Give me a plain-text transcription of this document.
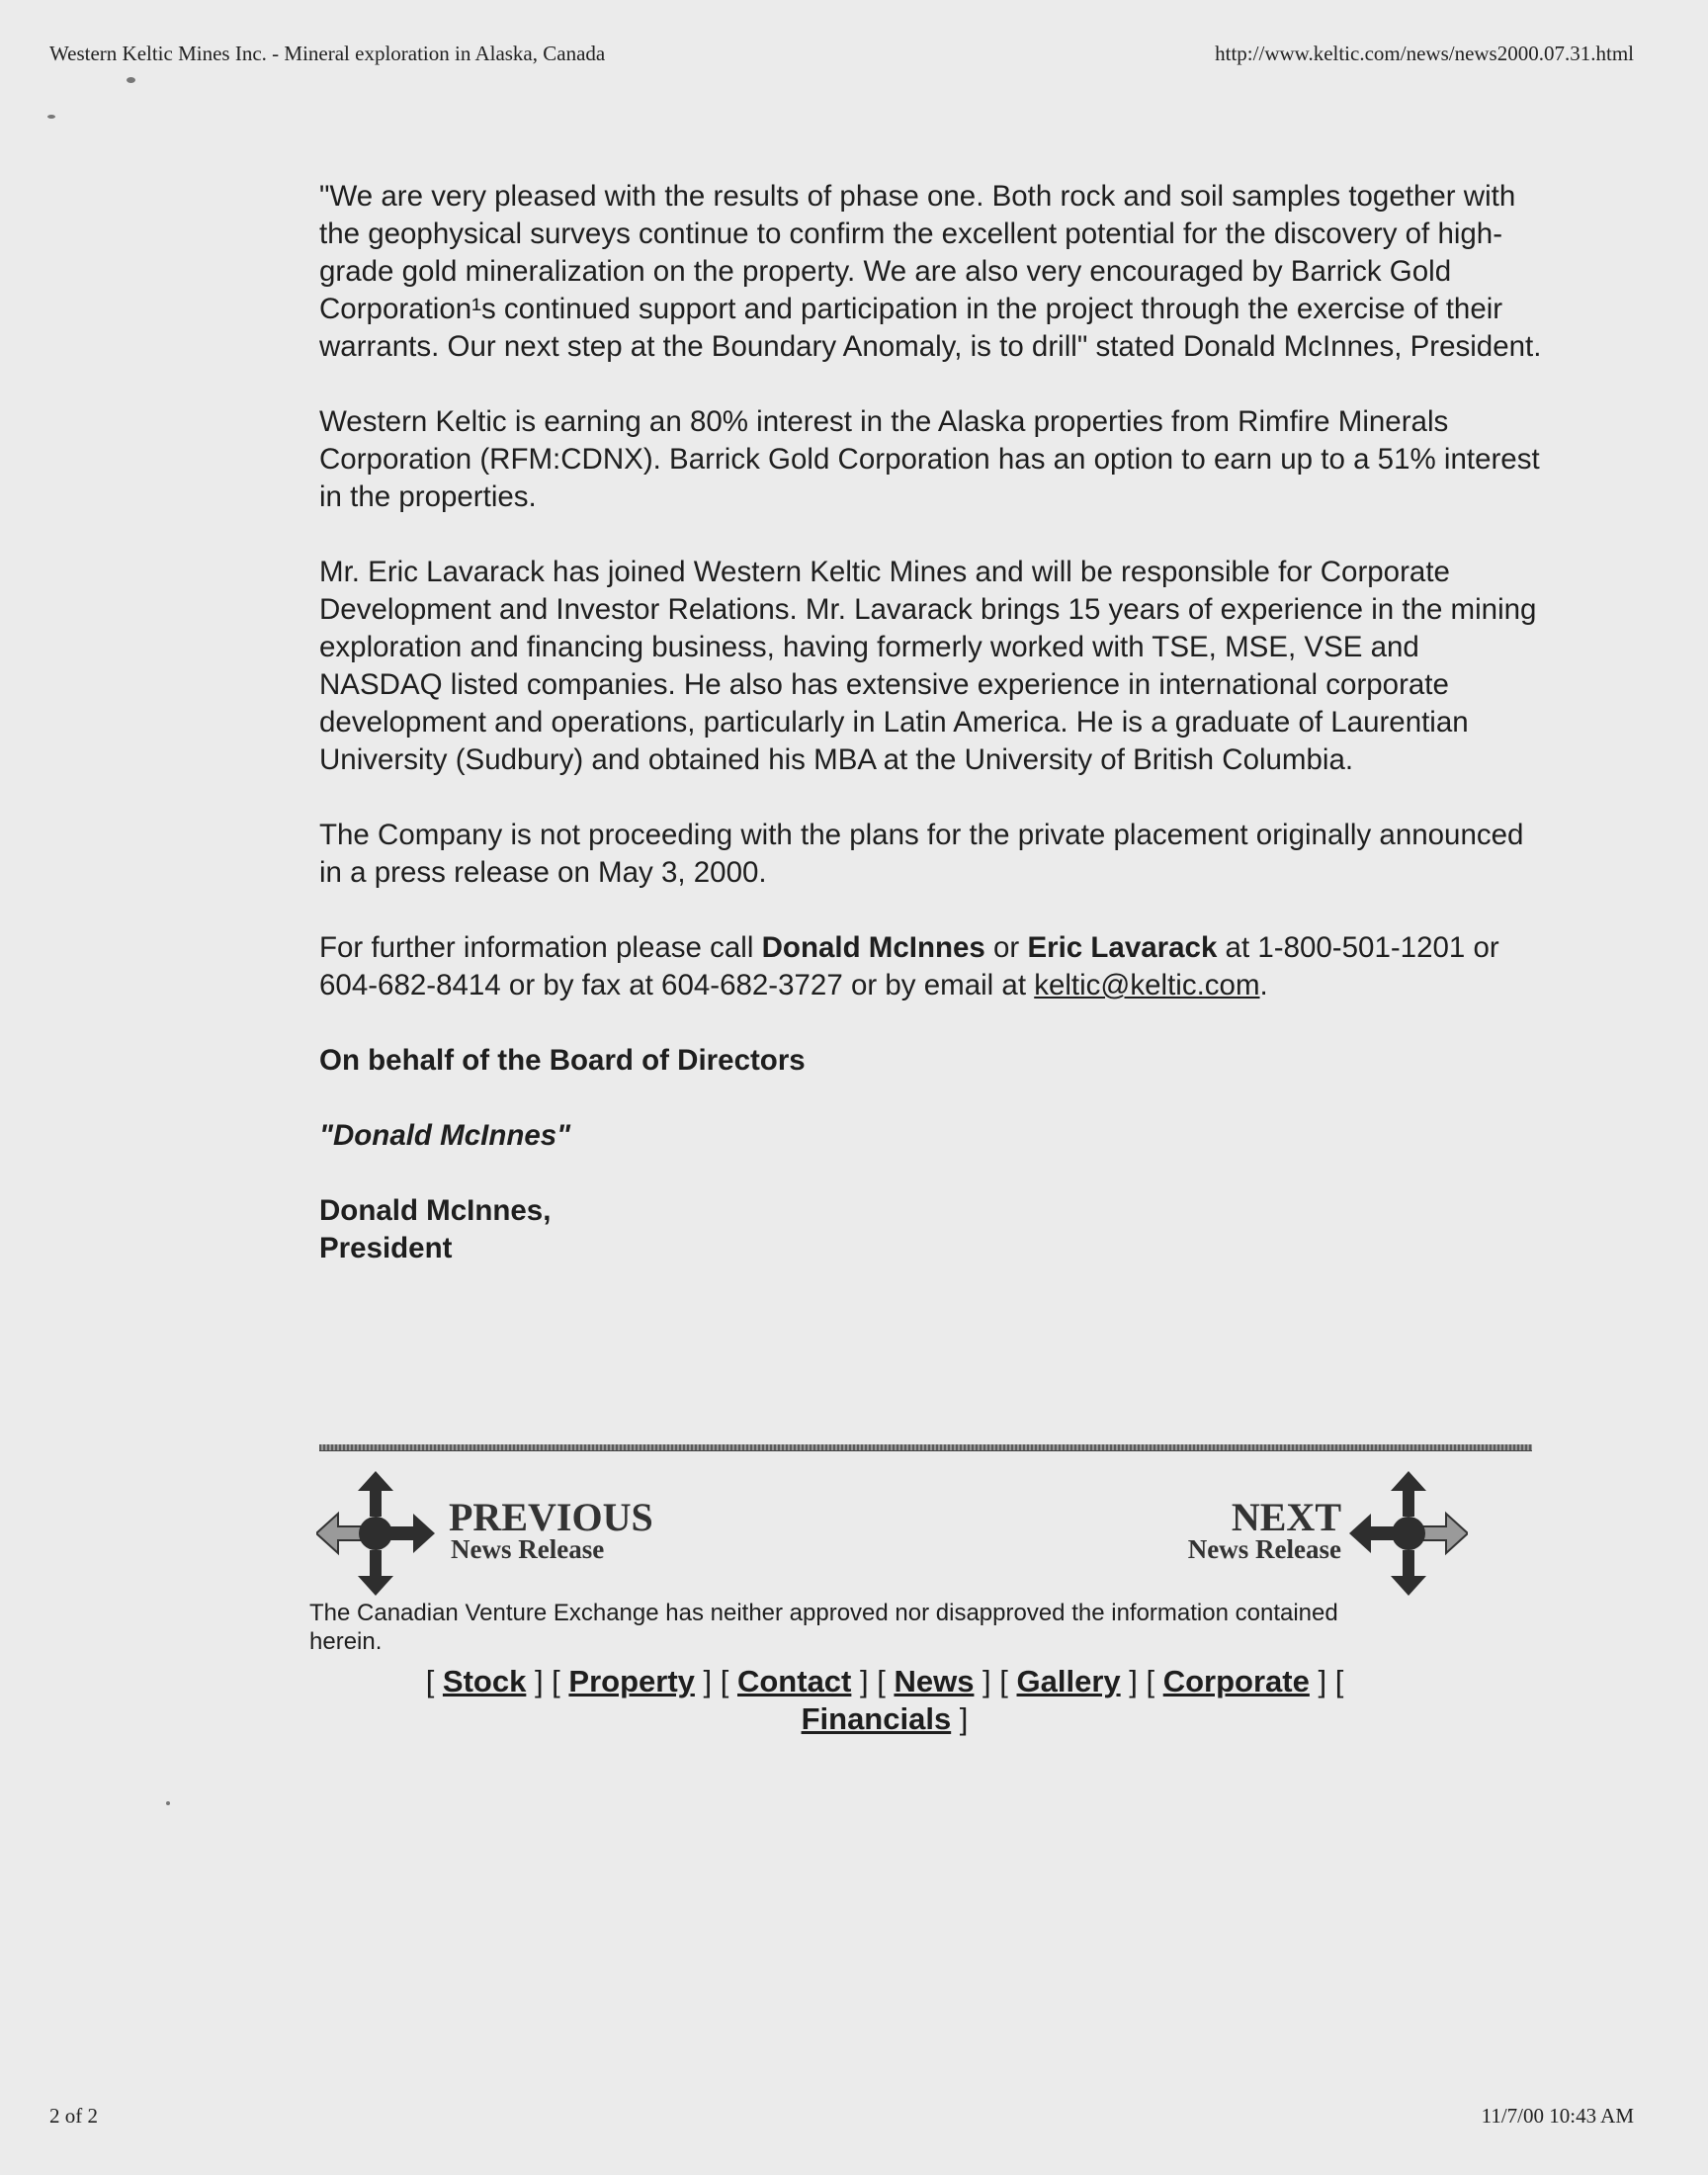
Western Keltic Mines Inc. - Mineral exploration in Alaska, Canada	http://www.keltic.com/news/news2000.07.31.html

"We are very pleased with the results of phase one. Both rock and soil samples together with the geophysical surveys continue to confirm the excellent potential for the discovery of high-grade gold mineralization on the property. We are also very encouraged by Barrick Gold Corporation¹s continued support and participation in the project through the exercise of their warrants. Our next step at the Boundary Anomaly, is to drill" stated Donald McInnes, President.

Western Keltic is earning an 80% interest in the Alaska properties from Rimfire Minerals Corporation (RFM:CDNX). Barrick Gold Corporation has an option to earn up to a 51% interest in the properties.

Mr. Eric Lavarack has joined Western Keltic Mines and will be responsible for Corporate Development and Investor Relations. Mr. Lavarack brings 15 years of experience in the mining exploration and financing business, having formerly worked with TSE, MSE, VSE and NASDAQ listed companies. He also has extensive experience in international corporate development and operations, particularly in Latin America. He is a graduate of Laurentian University (Sudbury) and obtained his MBA at the University of British Columbia.

The Company is not proceeding with the plans for the private placement originally announced in a press release on May 3, 2000.

For further information please call Donald McInnes or Eric Lavarack at 1-800-501-1201 or 604-682-8414 or by fax at 604-682-3727 or by email at keltic@keltic.com.

On behalf of the Board of Directors

"Donald McInnes"

Donald McInnes,

President

PREVIOUS
News Release
NEXT
News Release
The Canadian Venture Exchange has neither approved nor disapproved the information contained herein.
[ Stock ] [ Property ] [ Contact ] [ News ] [ Gallery ] [ Corporate ] [ Financials ]
2 of 2	11/7/00 10:43 AM
